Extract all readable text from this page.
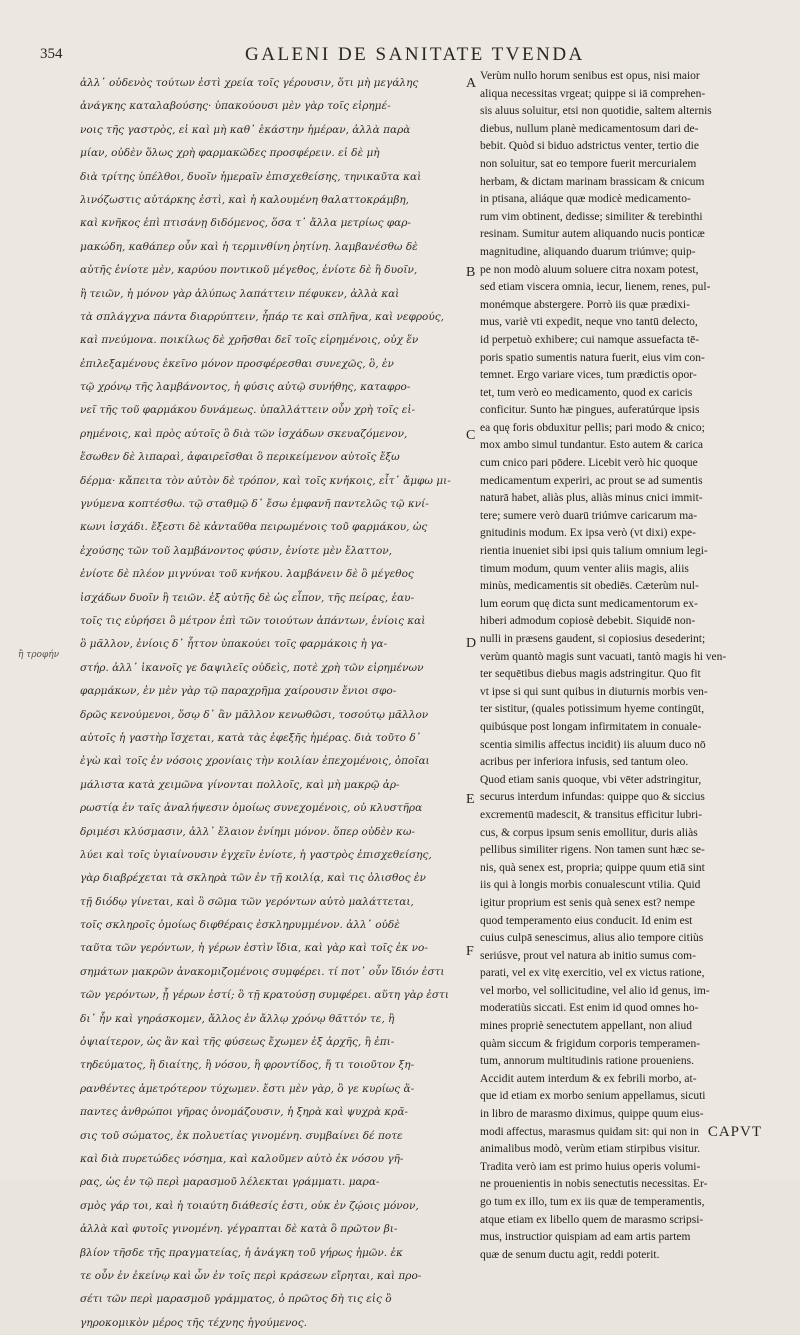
354	GALENI DE SANITATE TVENDA
ἀλλ᾽ οὐδενὸς τούτων ἐστὶ χρεία τοῖς γέρουσιν, ὅτι μὴ μεγάλης
ἀνάγκης καταλαβούσης· ὑπακούουσι μὲν γὰρ τοῖς εἰρημέ-
νοις τῆς γαστρὸς, εἰ καὶ μὴ καθ᾽ ἑκάστην ἡμέραν, ἀλλὰ παρὰ
μίαν, οὐδὲν ὅλως χρὴ φαρμακῶδες προσφέρειν. εἰ δὲ μὴ
διὰ τρίτης ὑπέλθοι, δυοῖν ἡμεραῖν ἐπισχεθείσης, τηνικαῦτα καὶ
λινόζωστις αὐτάρκης ἐστὶ, καὶ ἡ καλουμένη θαλαττοκράμβη,
καὶ κνῆκος ἐπὶ πτισάνῃ διδόμενος, ὅσα τ᾽ ἄλλα μετρίως φαρ-
μακώδη, καθάπερ οὖν καὶ ἡ τερμινθίνη ῥητίνη. λαμβανέσθω δὲ
αὐτῆς ἐνίοτε μὲν, καρύου ποντικοῦ μέγεθος, ἐνίοτε δὲ ἢ δυοῖν,
ἢ τειῶν, ἡ μόνον γὰρ ἀλύπως λαπάττειν πέφυκεν, ἀλλὰ καὶ
τὰ σπλάγχνα πάντα διαρρύπτειν, ἧπάρ τε καὶ σπλῆνα, καὶ νεφρούς,
καὶ πνεύμονα. ποικίλως δὲ χρῆσθαι δεῖ τοῖς εἰρημένοις, οὐχ ἕν
ἐπιλεξαμένους ἐκεῖνο μόνον προσφέρεσθαι συνεχῶς, ὃ, ἐν
τῷ χρόνῳ τῆς λαμβάνοντος, ἡ φύσις αὐτῷ συνήθης, καταφρο-
νεῖ τῆς τοῦ φαρμάκου δυνάμεως. ὑπαλλάττειν οὖν χρὴ τοῖς εἰ-
ρημένοις, καὶ πρὸς αὐτοῖς ὃ διὰ τῶν ἰσχάδων σκευαζόμενον,
ἔσωθεν δὲ λιπαραὶ, ἀφαιρεῖσθαι ὃ περικείμενον αὐτοῖς ἔξω
δέρμα· κἄπειτα τὸν αὐτὸν δὲ τρόπον, καὶ τοῖς κνήκοις, εἶτ᾽ ἄμφω μι-
γνύμενα κοπτέσθω. τῷ σταθμῷ δ᾽ ἔσω ἐμφανῆ παντελῶς τῷ κνί-
κωνι ἰσχάδι. ἔξεστι δὲ κἀνταῦθα πειρωμένοις τοῦ φαρμάκου, ὡς
ἐχούσης τῶν τοῦ λαμβάνοντος φύσιν, ἐνίοτε μὲν ἔλαττον,
ἐνίοτε δὲ πλέον μιγνύναι τοῦ κνήκου. λαμβάνειν δὲ ὃ μέγεθος
ἰσχάδων δυοῖν ἢ τειῶν. ἐξ αὐτῆς δὲ ὡς εἶπον, τῆς πείρας, ἑαυ-
τοῖς τις εὑρήσει ὃ μέτρον ἐπὶ τῶν τοιούτων ἁπάντων, ἐνίοις καὶ
ὃ μᾶλλον, ἐνίοις δ᾽ ἧττον ὑπακούει τοῖς φαρμάκοις ἡ γα-
στήρ. ἀλλ᾽ ἱκανοῖς γε δαψιλεῖς οὐδεὶς, ποτὲ χρὴ τῶν εἰρημένων
φαρμάκων, ἐν μὲν γὰρ τῷ παραχρῆμα χαίρουσιν ἔνιοι σφο-
δρῶς κενούμενοι, ὅσῳ δ᾽ ἂν μᾶλλον κενωθῶσι, τοσούτῳ μᾶλλον
αὐτοῖς ἡ γαστὴρ ἴσχεται, κατὰ τὰς ἐφεξῆς ἡμέρας. διὰ τοῦτο δ᾽
ἐγὼ καὶ τοῖς ἐν νόσοις χρονίαις τὴν κοιλίαν ἐπεχομένοις, ὁποῖαι
μάλιστα κατὰ χειμῶνα γίνονται πολλοῖς, καὶ μὴ μακρῷ ἀρ-
ρωστίᾳ ἐν ταῖς ἀναλήψεσιν ὁμοίως συνεχομένοις, οὐ κλυστῆρα
δριμέσι κλύσμασιν, ἀλλ᾽ ἔλαιον ἐνίημι μόνον. ὅπερ οὐδὲν κω-
λύει καὶ τοῖς ὑγιαίνουσιν ἐγχεῖν ἐνίοτε, ἡ γαστρὸς ἐπισχεθείσης,
γὰρ διαβρέχεται τὰ σκληρὰ τῶν ἐν τῇ κοιλίᾳ, καὶ τις ὀλισθος ἐν
τῇ διόδῳ γίνεται, καὶ ὃ σῶμα τῶν γερόντων αὐτὸ μαλάττεται,
τοῖς σκληροῖς ὁμοίως διφθέραις ἐσκληρυμμένον. ἀλλ᾽ οὐδὲ
ταῦτα τῶν γερόντων, ἡ γέρων ἐστὶν ἴδια, καὶ γὰρ καὶ τοῖς ἐκ νο-
σημάτων μακρῶν ἀνακομιζομένοις συμφέρει. τί ποτ᾽ οὖν ἴδιόν ἐστι
τῶν γερόντων, ᾗ γέρων ἐστί; ὃ τῇ κρατούσῃ συμφέρει. αὕτη γὰρ ἐστι
δι᾽ ἧν καὶ γηράσκομεν, ἄλλος ἐν ἄλλῳ χρόνῳ θᾶττόν τε, ἢ
ὀψιαίτερον, ὡς ἂν καὶ τῆς φύσεως ἔχωμεν ἐξ ἀρχῆς, ἢ ἐπι-
τηδεύματος, ἢ διαίτης, ἢ νόσου, ἢ φροντίδος, ἤ τι τοιοῦτον ξη-
ρανθέντες ἀμετρότερον τύχωμεν. ἔστι μὲν γὰρ, ὃ γε κυρίως ἅ-
παντες ἀνθρώποι γῆρας ὀνομάζουσιν, ἡ ξηρὰ καὶ ψυχρὰ κρᾶ-
σις τοῦ σώματος, ἐκ πολυετίας γινομένη. συμβαίνει δέ ποτε
καὶ διὰ πυρετώδες νόσημα, καὶ καλοῦμεν αὐτὸ ἐκ νόσου γῆ-
ρας, ὡς ἐν τῷ περὶ μαρασμοῦ λέλεκται γράμματι. μαρα-
σμὸς γάρ τοι, καὶ ἡ τοιαύτη διάθεσίς ἐστι, οὐκ ἐν ζῴοις μόνον,
ἀλλὰ καὶ φυτοῖς γινομένη. γέγραπται δὲ κατὰ ὃ πρῶτον βι-
βλίον τῆσδε τῆς πραγματείας, ἡ ἀνάγκη τοῦ γήρως ἡμῶν. ἐκ
τε οὖν ἐν ἐκείνῳ καὶ ὧν ἐν τοῖς περὶ κράσεων εἴρηται, καὶ προ-
σέτι τῶν περὶ μαρασμοῦ γράμματος, ὁ πρῶτος δὴ τις εἰς ὃ
γηροκομικὸν μέρος τῆς τέχνης ἡγούμενος.
Verùm nullo horum senibus est opus, nisi maior
aliqua necessitas vrgeat; quippe si iā comprehen-
sis aluus soluitur, etsi non quotidie, saltem alternis
diebus, nullum planè medicamentosum dari de-
bebit. Quòd si biduo adstrictus venter, tertio die
non soluitur, sat eo tempore fuerit mercurialem
herbam, & dictam marinam brassicam & cnicum
in ptisana, aliáque quæ modicè medicamento-
rum vim obtinent, dedisse; similiter & terebinthi
resinam. Sumitur autem aliquando nucis ponticæ
magnitudine, aliquando duarum triúmve; quip-
pe non modò aluum soluere citra noxam potest,
sed etiam viscera omnia, iecur, lienem, renes, pul-
monémque abstergere. Porrò iis quæ prædixi-
mus, variè vti expedit, neque vno tantū delecto,
id perpetuò exhibere; cui namque assuefacta tē-
poris spatio sumentis natura fuerit, eius vim con-
temnet. Ergo variare vices, tum prædictis opor-
tet, tum verò eo medicamento, quod ex caricis
conficitur. Sunto hæ pingues, auferatúrque ipsis
ea quę foris obduxitur pellis; pari modo & cnico;
mox ambo simul tundantur. Esto autem & carica
cum cnico pari pōdere. Licebit verò hic quoque
medicamentum experiri, ac prout se ad sumentis
naturā habet, aliàs plus, aliàs minus cnici immit-
tere; sumere verò duarū triúmve caricarum ma-
gnitudinis modum. Ex ipsa verò (vt dixi) expe-
rientia inueniet sibi ipsi quis talium omnium legi-
timum modum, quum venter aliis magis, aliis
minùs, medicamentis sit obediēs. Cæterùm nul-
lum eorum quę dicta sunt medicamentorum ex-
hiberi admodum copiosè debebit. Siquidē non-
nulli in præsens gaudent, si copiosius desederint;
verùm quantò magis sunt vacuati, tantò magis hi ven-
ter sequētibus diebus magis adstringitur. Quo fit
vt ipse si qui sunt quibus in diuturnis morbis ven-
ter sistitur, (quales potissimum hyeme contingūt,
quibúsque post longam infirmitatem in conuale-
scentia similis affectus incidit) iis aluum duco nō
acribus per inferiora infusis, sed tantum oleo.
Quod etiam sanis quoque, vbi vēter adstringitur,
securus interdum infundas: quippe quo & siccius
excrementū madescit, & transitus efficitur lubri-
cus, & corpus ipsum senis emollitur, duris aliàs
pellibus similiter rigens. Non tamen sunt hæc se-
nis, quà senex est, propria; quippe quum etiā sint
iis qui à longis morbis conualescunt vtilia. Quid
igitur proprium est senis quà senex est? nempe
quod temperamento eius conducit. Id enim est
cuius culpā senescimus, alius alio tempore citiùs
seriúsve, prout vel natura ab initio sumus com-
parati, vel ex vitę exercitio, vel ex victus ratione,
vel morbo, vel sollicitudine, vel alio id genus, im-
moderatiùs siccati. Est enim id quod omnes ho-
mines propriè senectutem appellant, non aliud
quàm siccum & frigidum corporis temperamen-
tum, annorum multitudinis ratione proueniens.
Accidit autem interdum & ex febrili morbo, at-
que id etiam ex morbo senium appellamus, sicuti
in libro de marasmo diximus, quippe quum eius-
modi affectus, marasmus quidam sit: qui non in
animalibus modò, verùm etiam stirpibus visitur.
Tradita verò iam est primo huius operis volumi-
ne prouenientis in nobis senectutis necessitas. Er-
go tum ex illo, tum ex iis quæ de temperamentis,
atque etiam ex libello quem de marasmo scripsi-
mus, instructior quispiam ad eam artis partem
quæ de senum ductu agit, reddi poterit.
A
B
C
D
E
F
ἢ τροφήν
CAPVT
